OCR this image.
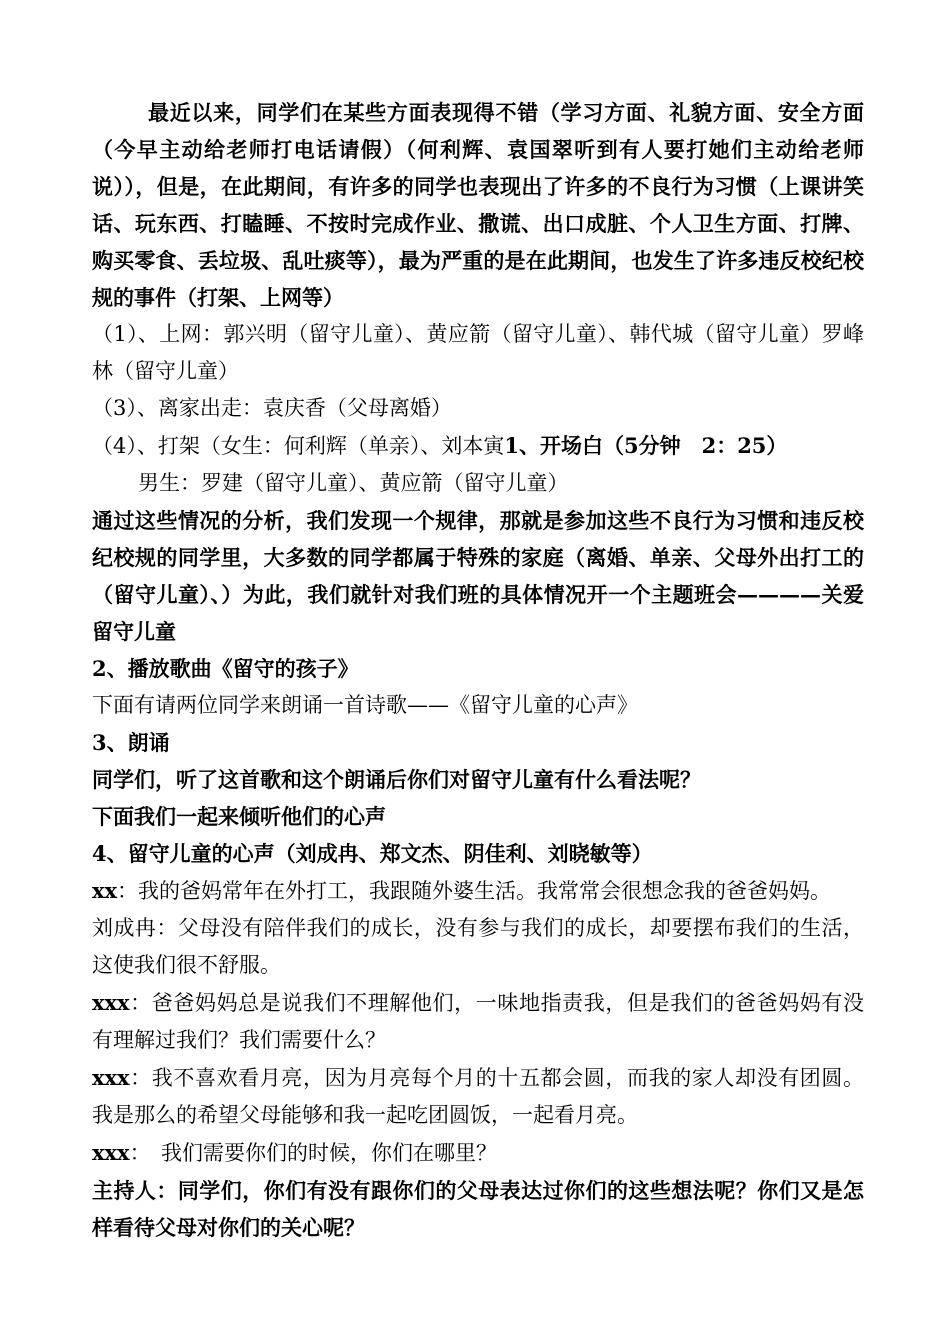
最近以来，同学们在某些方面表现得不错（学习方面、礼貌方面、安全方面（今早主动给老师打电话请假）（何利辉、袁国翠听到有人要打她们主动给老师说）），但是，在此期间，有许多的同学也表现出了许多的不良行为习惯（上课讲笑话、玩东西、打瞌睡、不按时完成作业、撒谎、出口成脏、个人卫生方面、打牌、购买零食、丢垃圾、乱吐痰等），最为严重的是在此期间，也发生了许多违反校纪校规的事件（打架、上网等）

（1）、上网：郭兴明（留守儿童）、黄应箭（留守儿童）、韩代城（留守儿童）罗峰林（留守儿童）

（3）、离家出走：袁庆香（父母离婚）

（4）、打架（女生：何利辉（单亲）、刘本寅1、开场白（5分钟　2：25）

男生：罗建（留守儿童）、黄应箭（留守儿童）

通过这些情况的分析，我们发现一个规律，那就是参加这些不良行为习惯和违反校纪校规的同学里，大多数的同学都属于特殊的家庭（离婚、单亲、父母外出打工的（留守儿童）、）为此，我们就针对我们班的具体情况开一个主题班会————关爱留守儿童

2、播放歌曲《留守的孩子》

下面有请两位同学来朗诵一首诗歌——《留守儿童的心声》

3、朗诵

同学们，听了这首歌和这个朗诵后你们对留守儿童有什么看法呢？

下面我们一起来倾听他们的心声

4、留守儿童的心声（刘成冉、郑文杰、阴佳利、刘晓敏等）

xx：我的爸妈常年在外打工，我跟随外婆生活。我常常会很想念我的爸爸妈妈。

刘成冉：父母没有陪伴我们的成长，没有参与我们的成长，却要摆布我们的生活，这使我们很不舒服。

xxx：爸爸妈妈总是说我们不理解他们，一味地指责我，但是我们的爸爸妈妈有没有理解过我们？我们需要什么？

xxx：我不喜欢看月亮，因为月亮每个月的十五都会圆，而我的家人却没有团圆。我是那么的希望父母能够和我一起吃团圆饭，一起看月亮。

xxx：　我们需要你们的时候，你们在哪里？

主持人：同学们，你们有没有跟你们的父母表达过你们的这些想法呢？你们又是怎样看待父母对你们的关心呢？
